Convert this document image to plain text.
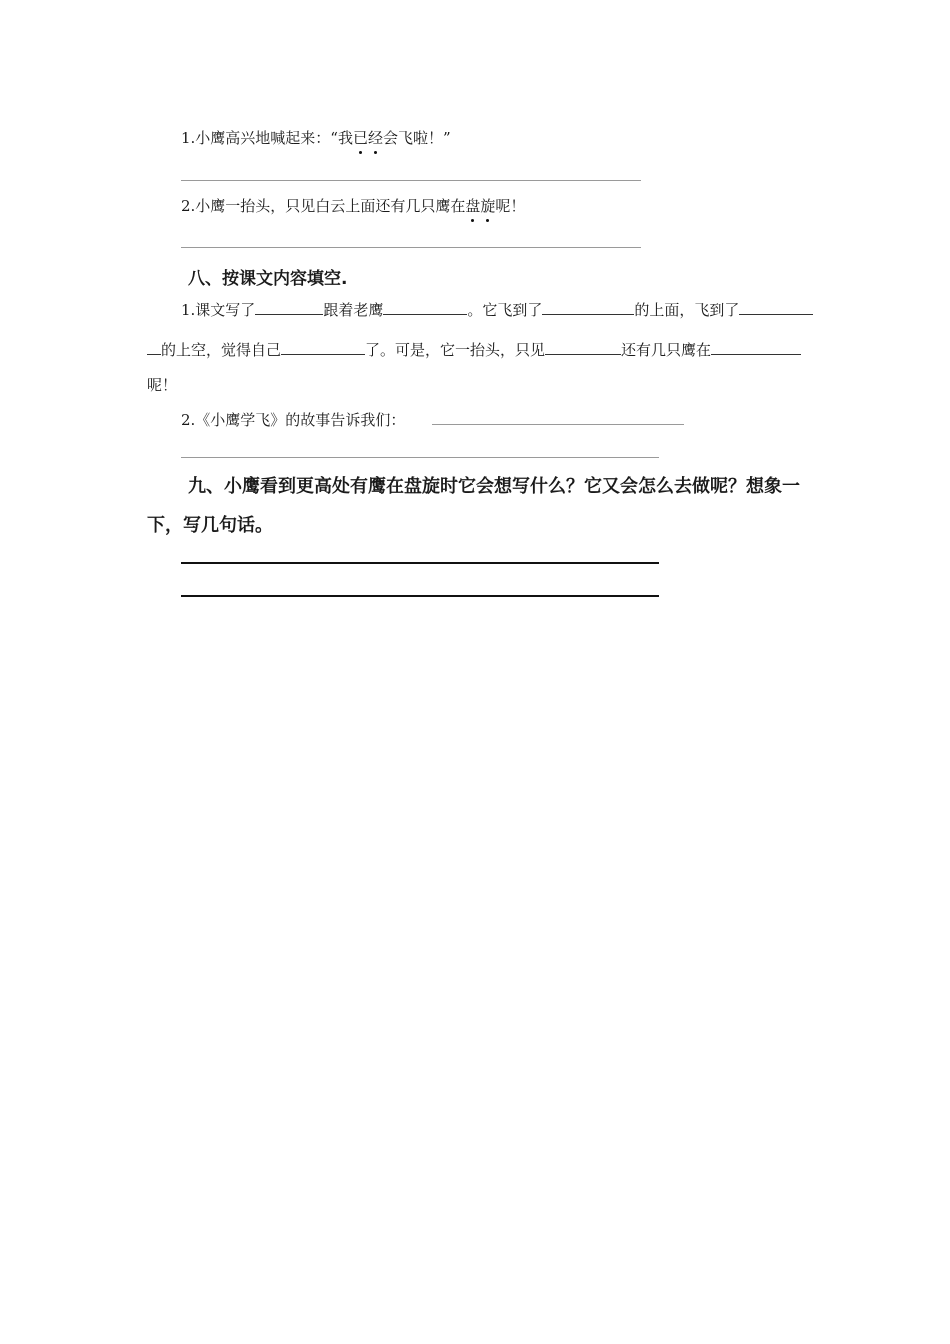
1.小鹰高兴地喊起来：“我已经会飞啦！”
2.小鹰一抬头，只见白云上面还有几只鹰在盘旋呢！
八、按课文内容填空.
1.课文写了	跟着老鹰	。它飞到了	的上面，飞到了
的上空，觉得自己	了。可是，它一抬头，只见	还有几只鹰在
呢！
2.《小鹰学飞》的故事告诉我们：
九、小鹰看到更高处有鹰在盘旋时它会想写什么？它又会怎么去做呢？想象一
下，写几句话。
